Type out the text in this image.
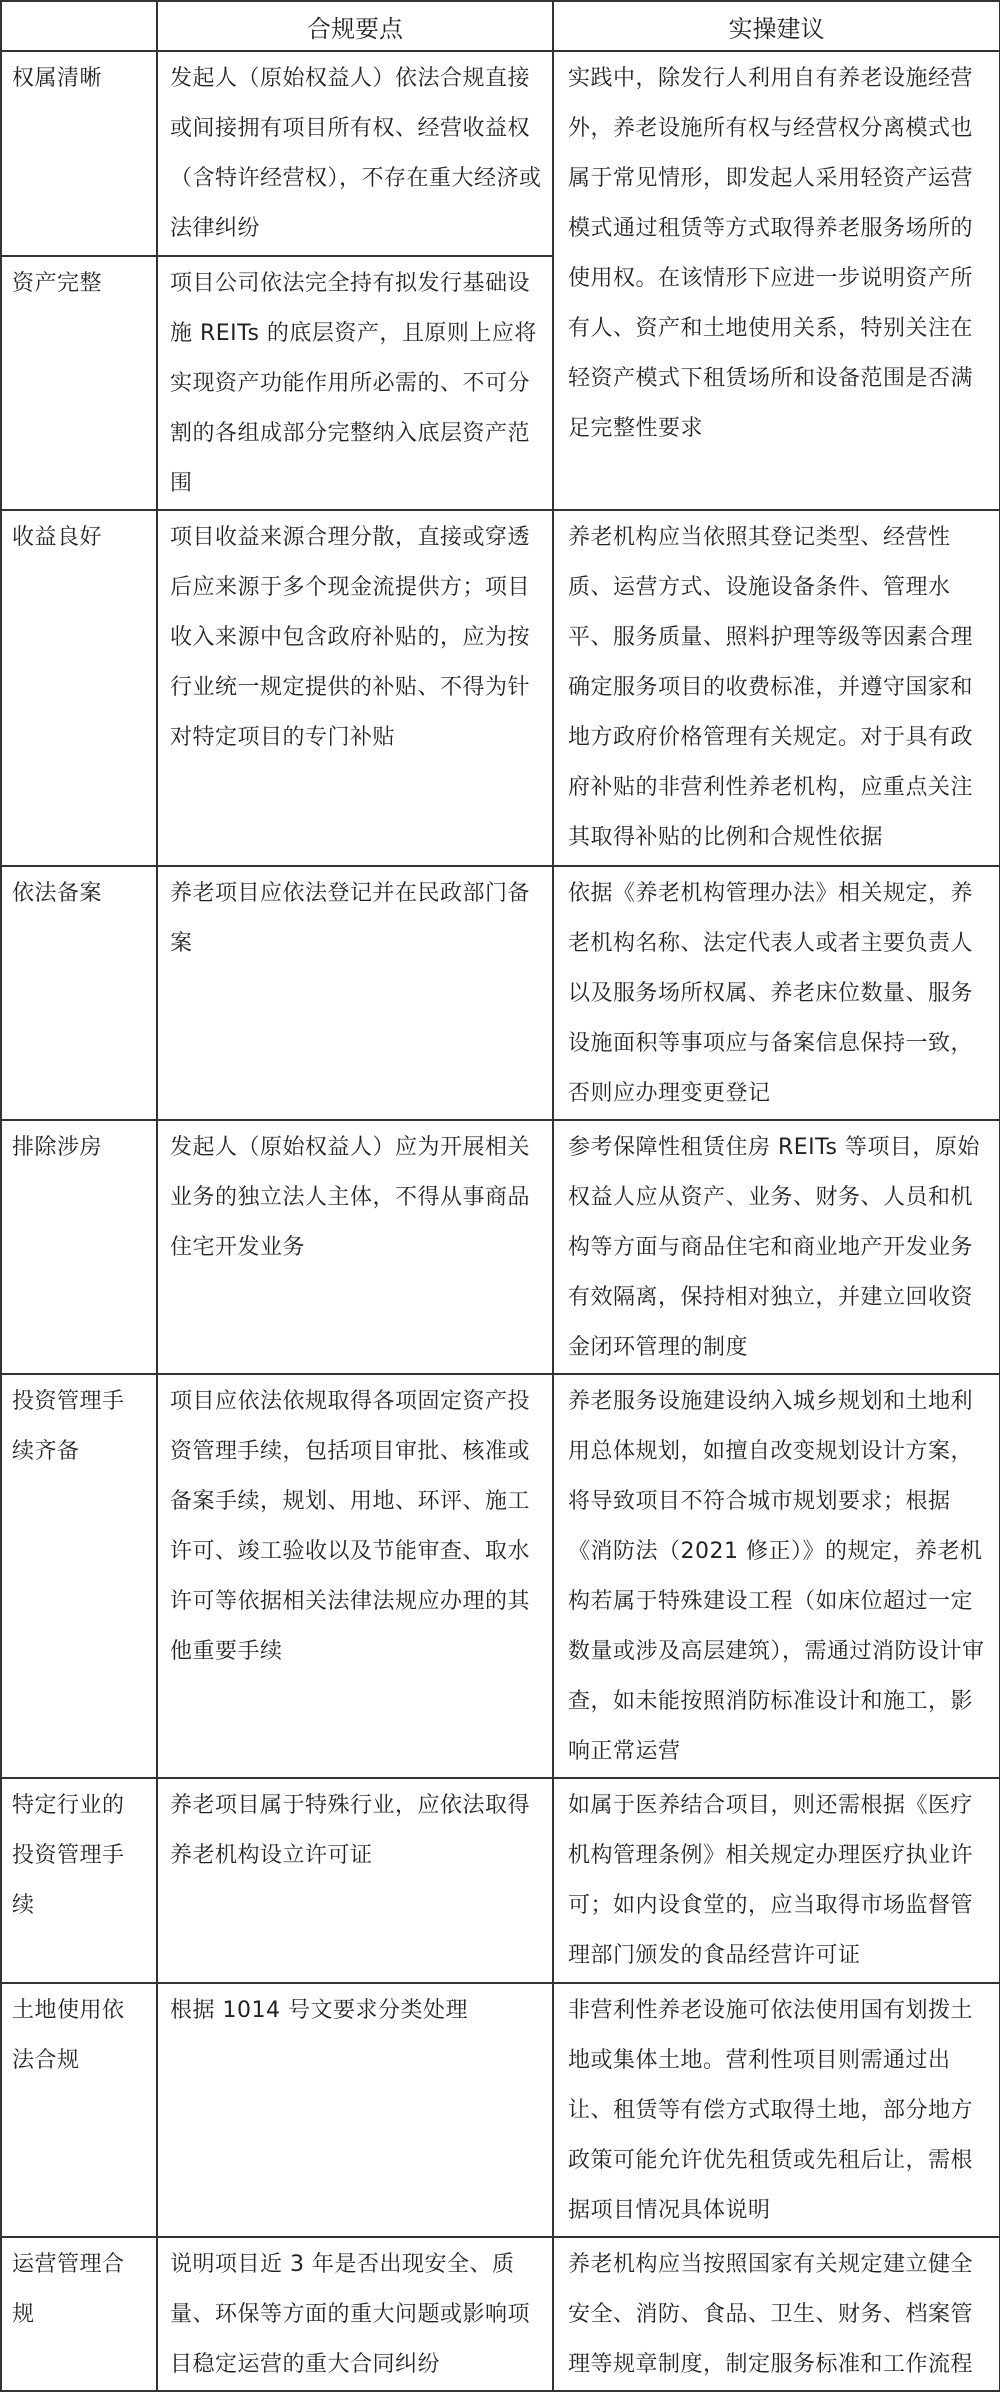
	合规要点	实操建议

权属清晰	发起人（原始权益人）依法合规直接或间接拥有项目所有权、经营收益权（含特许经营权），不存在重大经济或法律纠纷	实践中，除发行人利用自有养老设施经营外，养老设施所有权与经营权分离模式也属于常见情形，即发起人采用轻资产运营模式通过租赁等方式取得养老服务场所的使用权。在该情形下应进一步说明资产所有人、资产和土地使用关系，特别关注在轻资产模式下租赁场所和设备范围是否满足完整性要求

资产完整	项目公司依法完全持有拟发行基础设施 REITs 的底层资产，且原则上应将实现资产功能作用所必需的、不可分割的各组成部分完整纳入底层资产范围	

收益良好	项目收益来源合理分散，直接或穿透后应来源于多个现金流提供方；项目收入来源中包含政府补贴的，应为按行业统一规定提供的补贴、不得为针对特定项目的专门补贴	养老机构应当依照其登记类型、经营性质、运营方式、设施设备条件、管理水平、服务质量、照料护理等级等因素合理确定服务项目的收费标准，并遵守国家和地方政府价格管理有关规定。对于具有政府补贴的非营利性养老机构，应重点关注其取得补贴的比例和合规性依据

依法备案	养老项目应依法登记并在民政部门备案	依据《养老机构管理办法》相关规定，养老机构名称、法定代表人或者主要负责人以及服务场所权属、养老床位数量、服务设施面积等事项应与备案信息保持一致，否则应办理变更登记

排除涉房	发起人（原始权益人）应为开展相关业务的独立法人主体，不得从事商品住宅开发业务	参考保障性租赁住房 REITs 等项目，原始权益人应从资产、业务、财务、人员和机构等方面与商品住宅和商业地产开发业务有效隔离，保持相对独立，并建立回收资金闭环管理的制度

投资管理手续齐备	项目应依法依规取得各项固定资产投资管理手续，包括项目审批、核准或备案手续，规划、用地、环评、施工许可、竣工验收以及节能审查、取水许可等依据相关法律法规应办理的其他重要手续	养老服务设施建设纳入城乡规划和土地利用总体规划，如擅自改变规划设计方案，将导致项目不符合城市规划要求；根据《消防法（2021 修正）》的规定，养老机构若属于特殊建设工程（如床位超过一定数量或涉及高层建筑），需通过消防设计审查，如未能按照消防标准设计和施工，影响正常运营

特定行业的投资管理手续	养老项目属于特殊行业，应依法取得养老机构设立许可证	如属于医养结合项目，则还需根据《医疗机构管理条例》相关规定办理医疗执业许可；如内设食堂的，应当取得市场监督管理部门颁发的食品经营许可证

土地使用依法合规	根据 1014 号文要求分类处理	非营利性养老设施可依法使用国有划拨土地或集体土地。营利性项目则需通过出让、租赁等有偿方式取得土地，部分地方政策可能允许优先租赁或先租后让，需根据项目情况具体说明

运营管理合规	说明项目近 3 年是否出现安全、质量、环保等方面的重大问题或影响项目稳定运营的重大合同纠纷	养老机构应当按照国家有关规定建立健全安全、消防、食品、卫生、财务、档案管理等规章制度，制定服务标准和工作流程
